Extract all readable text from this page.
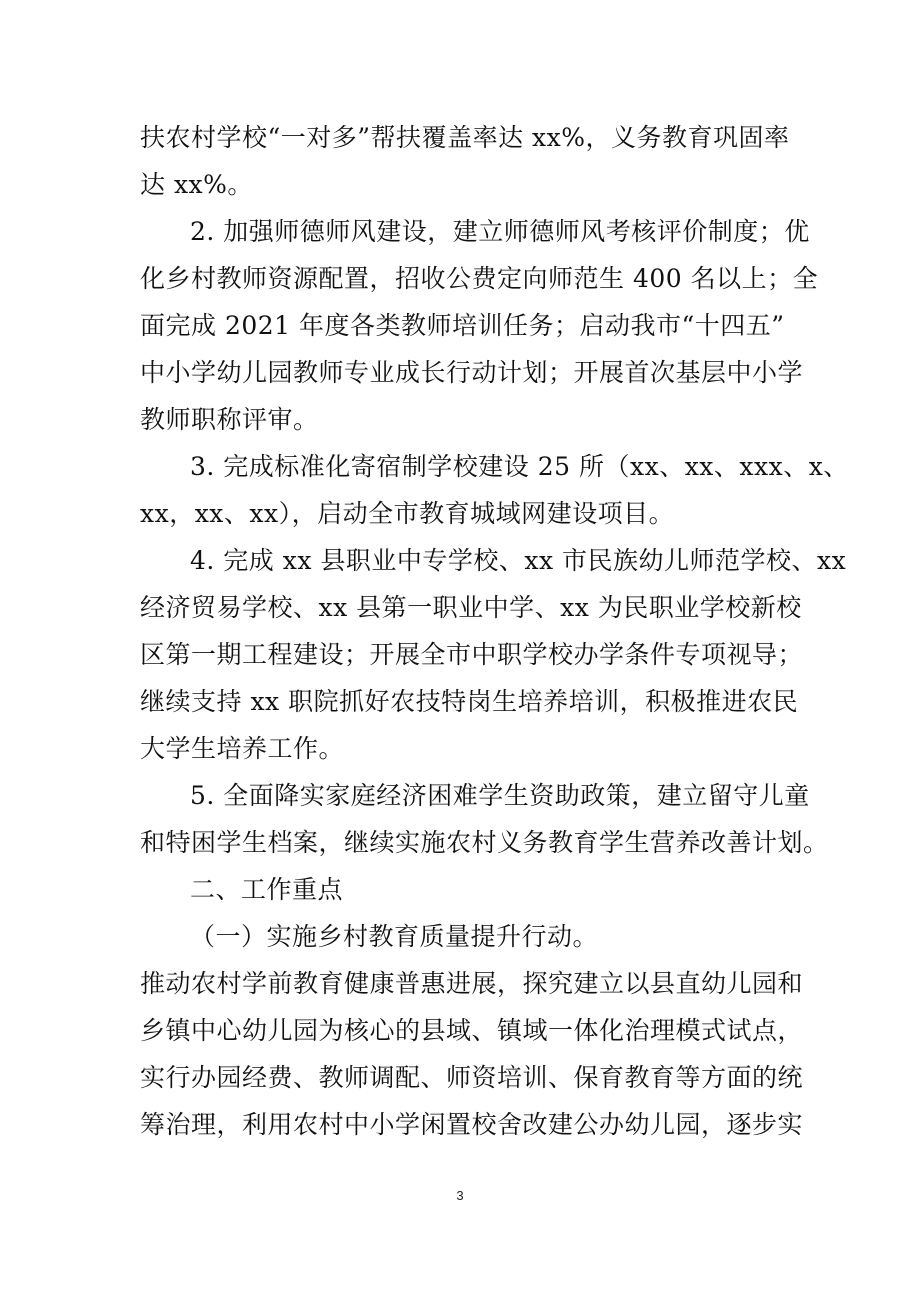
扶农村学校“一对多”帮扶覆盖率达 xx%，义务教育巩固率
达 xx%。
2. 加强师德师风建设，建立师德师风考核评价制度；优
化乡村教师资源配置，招收公费定向师范生 400 名以上；全
面完成 2021 年度各类教师培训任务；启动我市“十四五”
中小学幼儿园教师专业成长行动计划；开展首次基层中小学
教师职称评审。
3. 完成标准化寄宿制学校建设 25 所（xx、xx、xxx、x、
xx，xx、xx），启动全市教育城域网建设项目。
4. 完成 xx 县职业中专学校、xx 市民族幼儿师范学校、xx
经济贸易学校、xx 县第一职业中学、xx 为民职业学校新校
区第一期工程建设；开展全市中职学校办学条件专项视导；
继续支持 xx 职院抓好农技特岗生培养培训，积极推进农民
大学生培养工作。
5. 全面降实家庭经济困难学生资助政策，建立留守儿童
和特困学生档案，继续实施农村义务教育学生营养改善计划。
二、工作重点
（一）实施乡村教育质量提升行动。
推动农村学前教育健康普惠进展，探究建立以县直幼儿园和
乡镇中心幼儿园为核心的县域、镇域一体化治理模式试点，
实行办园经费、教师调配、师资培训、保育教育等方面的统
筹治理，利用农村中小学闲置校舍改建公办幼儿园，逐步实
3
